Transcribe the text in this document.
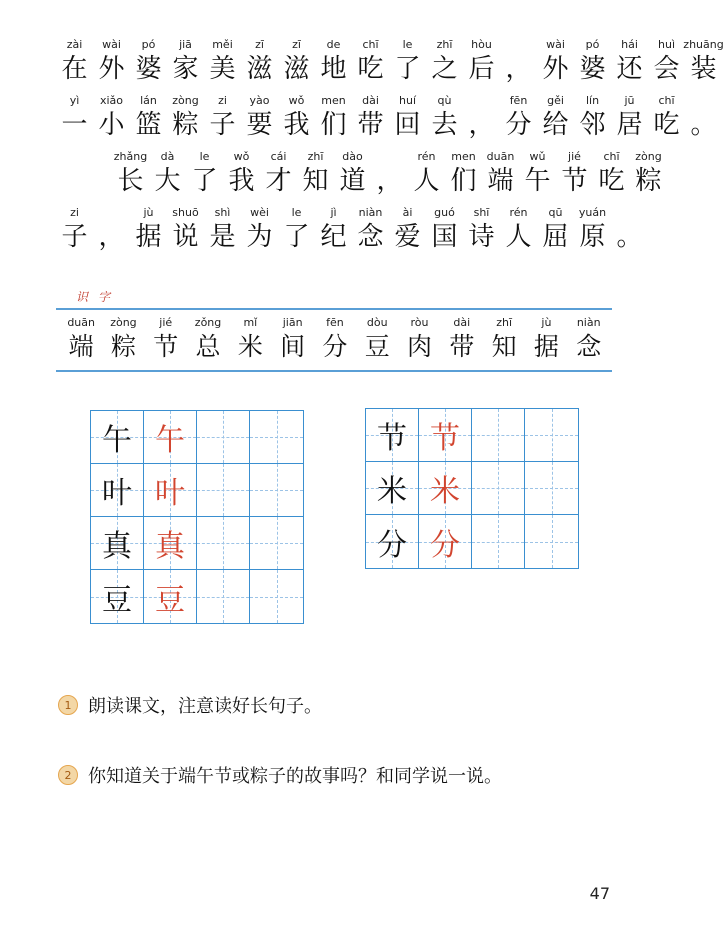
zài
在
wài
外
pó
婆
jiā
家
měi
美
zī
滋
zī
滋
de
地
chī
吃
le
了
zhī
之
hòu
后 ，
wài
外
pó
婆
hái
还
huì
会
zhuāng
装
yì
一
xiǎo
小
lán
篮
zòng
粽
zi
子
yào
要
wǒ
我
men
们
dài
带
huí
回
qù
去 ，
fēn
分
gěi
给
lín
邻
jū
居
chī
吃 。
zhǎng
长
dà
大
le
了
wǒ
我
cái
才
zhī
知
dào
道 ，
rén
人
men
们
duān
端
wǔ
午
jié
节
chī
吃
zòng
粽
zi
子 ，
jù
据
shuō
说
shì
是
wèi
为
le
了
jì
纪
niàn
念
ài
爱
guó
国
shī
诗
rén
人
qū
屈
yuán
原 。
识字
duān
端
zòng
粽
jié
节
zǒng
总
mǐ
米
jiān
间
fēn
分
dòu
豆
ròu
肉
dài
带
zhī
知
jù
据
niàn
念
午 午
叶 叶
真 真
豆 豆
节 节
米 米
分 分
1 朗读课文，注意读好长句子。
2 你知道关于端午节或粽子的故事吗？和同学说一说。
47
